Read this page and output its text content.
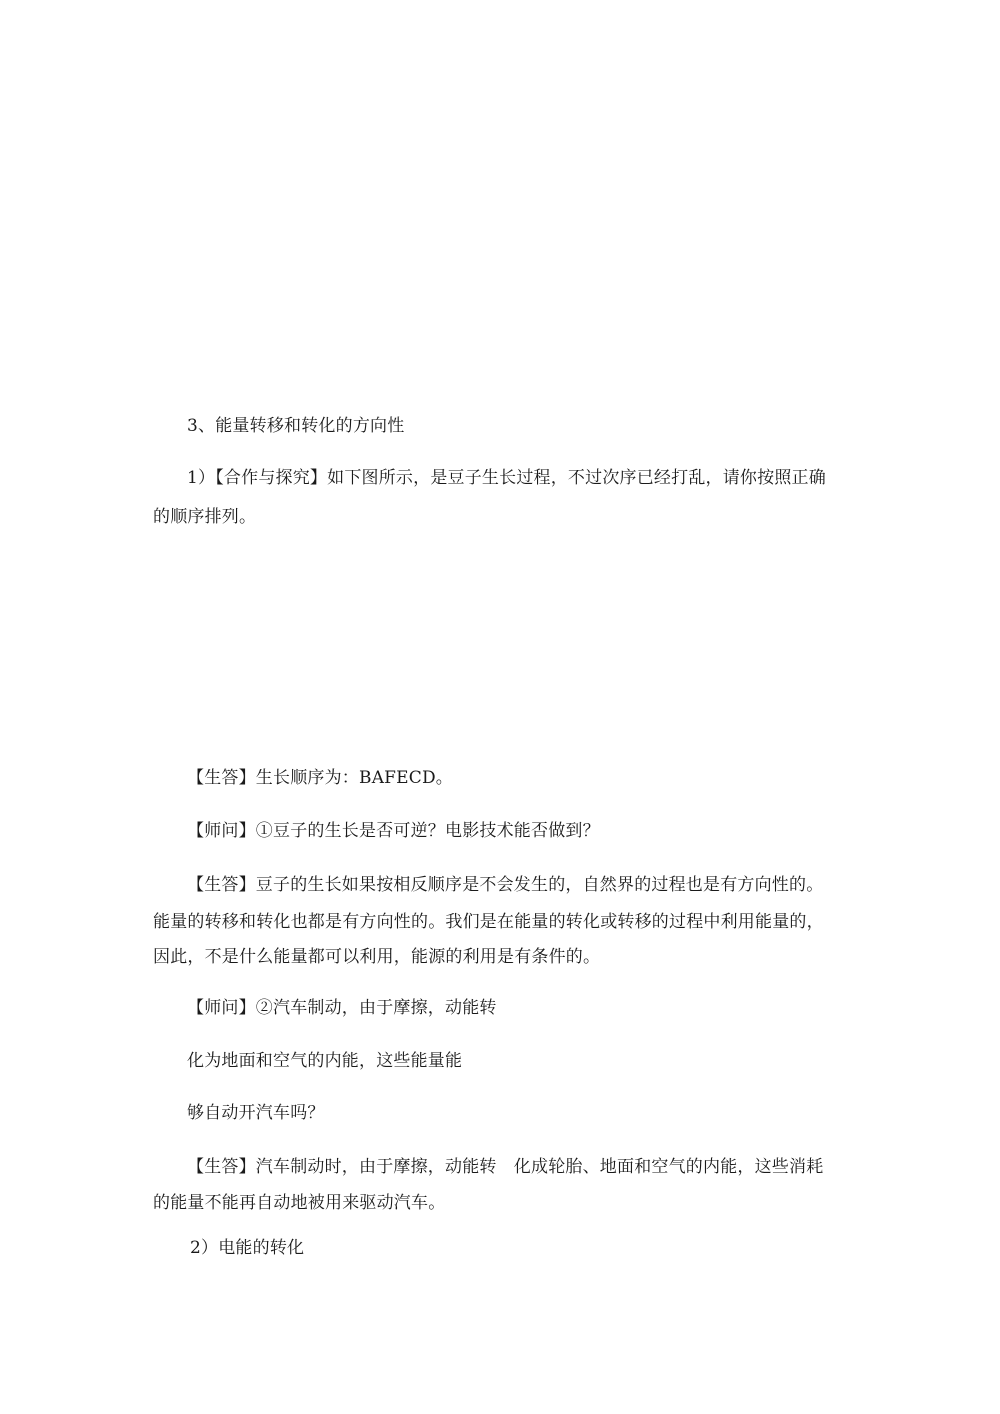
3、能量转移和转化的方向性
1）【合作与探究】如下图所示，是豆子生长过程，不过次序已经打乱，请你按照正确
的顺序排列。
【生答】生长顺序为：BAFECD。
【师问】①豆子的生长是否可逆？电影技术能否做到？
【生答】豆子的生长如果按相反顺序是不会发生的，自然界的过程也是有方向性的。
能量的转移和转化也都是有方向性的。我们是在能量的转化或转移的过程中利用能量的，
因此，不是什么能量都可以利用，能源的利用是有条件的。
【师问】②汽车制动，由于摩擦，动能转
化为地面和空气的内能，这些能量能
够自动开汽车吗？
【生答】汽车制动时，由于摩擦，动能转　化成轮胎、地面和空气的内能，这些消耗
的能量不能再自动地被用来驱动汽车。
2）电能的转化
